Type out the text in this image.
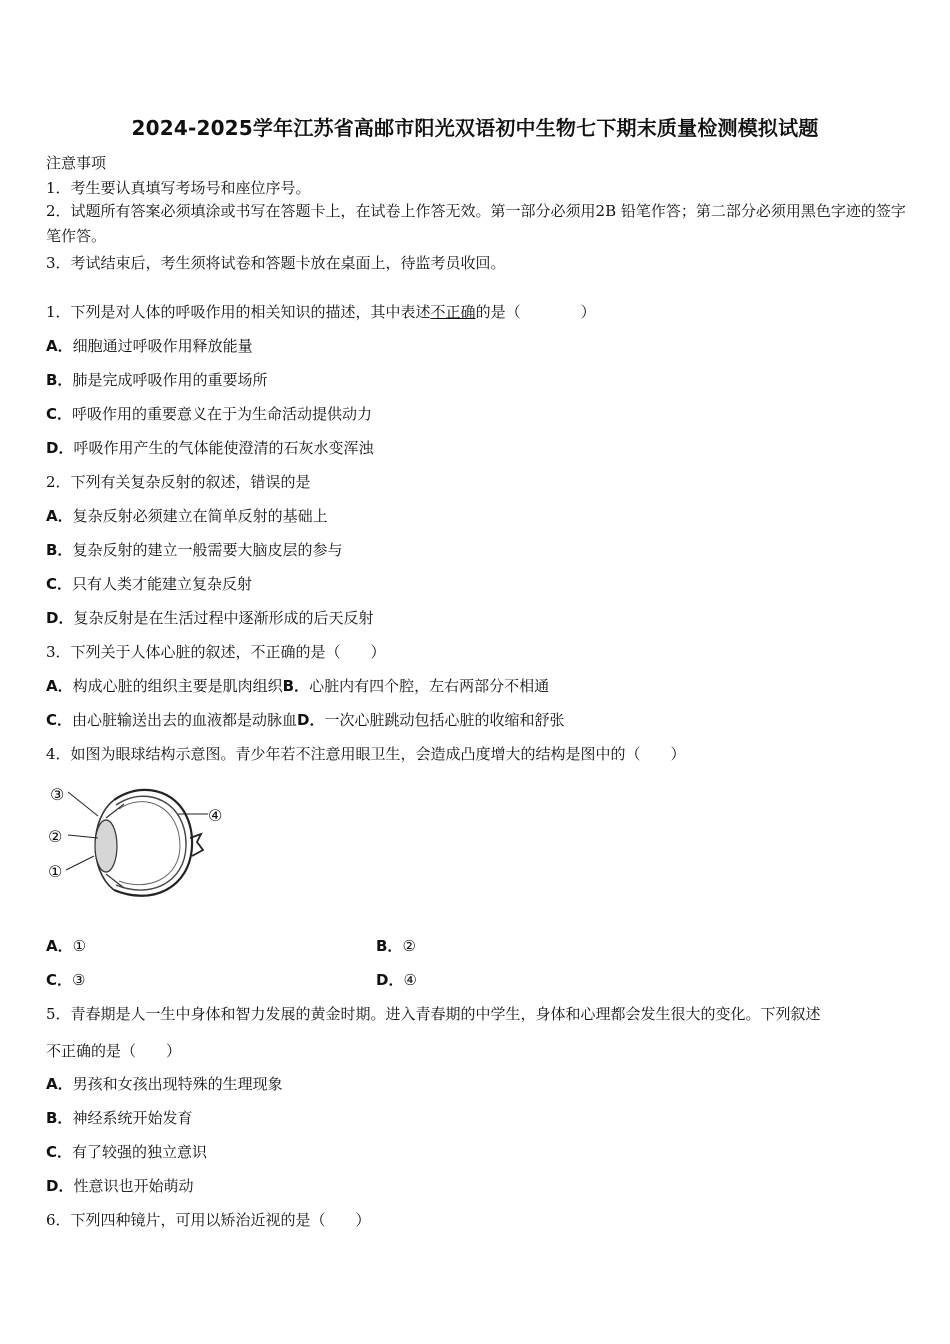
2024-2025学年江苏省高邮市阳光双语初中生物七下期末质量检测模拟试题
注意事项
1．考生要认真填写考场号和座位序号。
2．试题所有答案必须填涂或书写在答题卡上，在试卷上作答无效。第一部分必须用2B 铅笔作答；第二部分必须用黑色字迹的签字笔作答。
3．考试结束后，考生须将试卷和答题卡放在桌面上，待监考员收回。
1．下列是对人体的呼吸作用的相关知识的描述，其中表述不正确的是（　　　　）
A．细胞通过呼吸作用释放能量
B．肺是完成呼吸作用的重要场所
C．呼吸作用的重要意义在于为生命活动提供动力
D．呼吸作用产生的气体能使澄清的石灰水变浑浊
2．下列有关复杂反射的叙述，错误的是
A．复杂反射必须建立在简单反射的基础上
B．复杂反射的建立一般需要大脑皮层的参与
C．只有人类才能建立复杂反射
D．复杂反射是在生活过程中逐渐形成的后天反射
3．下列关于人体心脏的叙述，不正确的是（　　）
A．构成心脏的组织主要是肌肉组织B．心脏内有四个腔，左右两部分不相通
C．由心脏输送出去的血液都是动脉血D．一次心脏跳动包括心脏的收缩和舒张
4．如图为眼球结构示意图。青少年若不注意用眼卫生，会造成凸度增大的结构是图中的（　　）
③
②
①
④
A．①	B．②
C．③	D．④
5．青春期是人一生中身体和智力发展的黄金时期。进入青春期的中学生，身体和心理都会发生很大的变化。下列叙述
不正确的是（　　）
A．男孩和女孩出现特殊的生理现象
B．神经系统开始发育
C．有了较强的独立意识
D．性意识也开始萌动
6．下列四种镜片，可用以矫治近视的是（　　）
